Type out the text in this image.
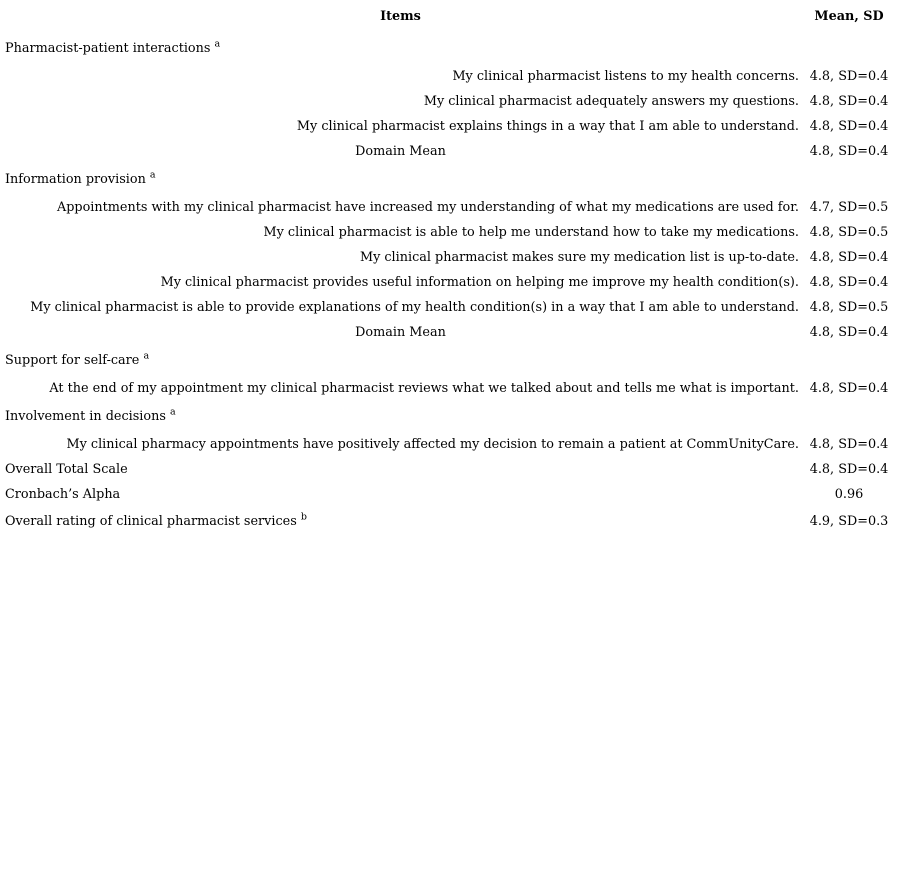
Items	Mean, SD
Pharmacist-patient interactions $^a$	
My clinical pharmacist listens to my health concerns.	4.8, SD=0.4
My clinical pharmacist adequately answers my questions.	4.8, SD=0.4
My clinical pharmacist explains things in a way that I am able to understand.	4.8, SD=0.4
Domain Mean	4.8, SD=0.4
Information provision $^a$	
Appointments with my clinical pharmacist have increased my understanding of what my medications are used for.	4.7, SD=0.5
My clinical pharmacist is able to help me understand how to take my medications.	4.8, SD=0.5
My clinical pharmacist makes sure my medication list is up-to-date.	4.8, SD=0.4
My clinical pharmacist provides useful information on helping me improve my health condition(s).	4.8, SD=0.4
My clinical pharmacist is able to provide explanations of my health condition(s) in a way that I am able to understand.	4.8, SD=0.5
Domain Mean	4.8, SD=0.4
Support for self-care $^a$	
At the end of my appointment my clinical pharmacist reviews what we talked about and tells me what is important.	4.8, SD=0.4
Involvement in decisions $^a$	
My clinical pharmacy appointments have positively affected my decision to remain a patient at CommUnityCare.	4.8, SD=0.4
Overall Total Scale	4.8, SD=0.4
Cronbach’s Alpha	0.96
Overall rating of clinical pharmacist services $^b$	4.9, SD=0.3
